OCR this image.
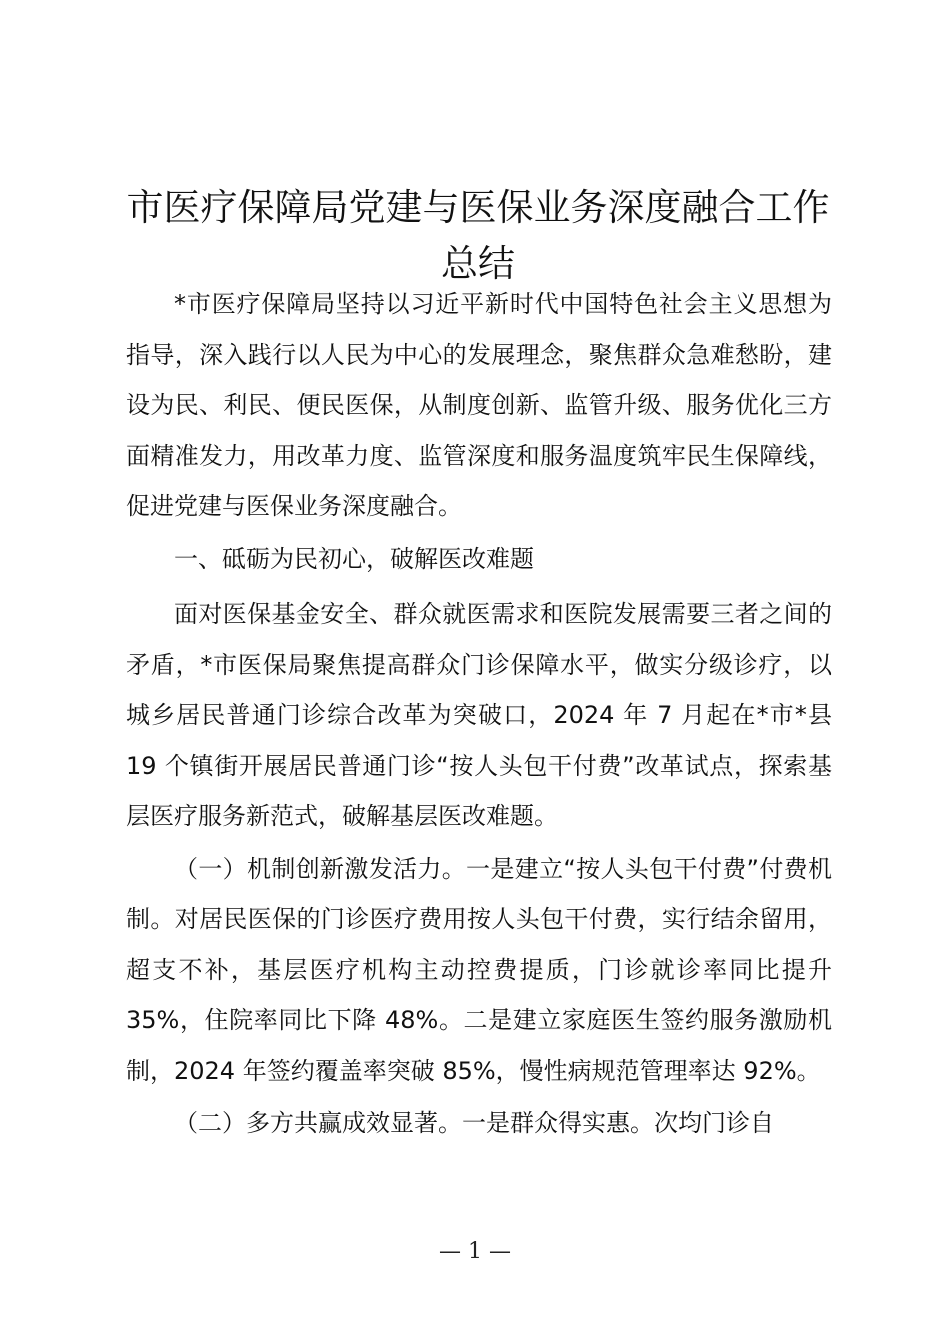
市医疗保障局党建与医保业务深度融合工作总结

*市医疗保障局坚持以习近平新时代中国特色社会主义思想为指导，深入践行以人民为中心的发展理念，聚焦群众急难愁盼，建设为民、利民、便民医保，从制度创新、监管升级、服务优化三方面精准发力，用改革力度、监管深度和服务温度筑牢民生保障线，促进党建与医保业务深度融合。

一、砥砺为民初心，破解医改难题

面对医保基金安全、群众就医需求和医院发展需要三者之间的矛盾，*市医保局聚焦提高群众门诊保障水平，做实分级诊疗，以城乡居民普通门诊综合改革为突破口，2024 年 7 月起在*市*县 19 个镇街开展居民普通门诊“按人头包干付费”改革试点，探索基层医疗服务新范式，破解基层医改难题。

（一）机制创新激发活力。一是建立“按人头包干付费”付费机制。对居民医保的门诊医疗费用按人头包干付费，实行结余留用，超支不补，基层医疗机构主动控费提质，门诊就诊率同比提升 35%，住院率同比下降 48%。二是建立家庭医生签约服务激励机制，2024 年签约覆盖率突破 85%，慢性病规范管理率达 92%。

（二）多方共赢成效显著。一是群众得实惠。次均门诊自

— 1 —
